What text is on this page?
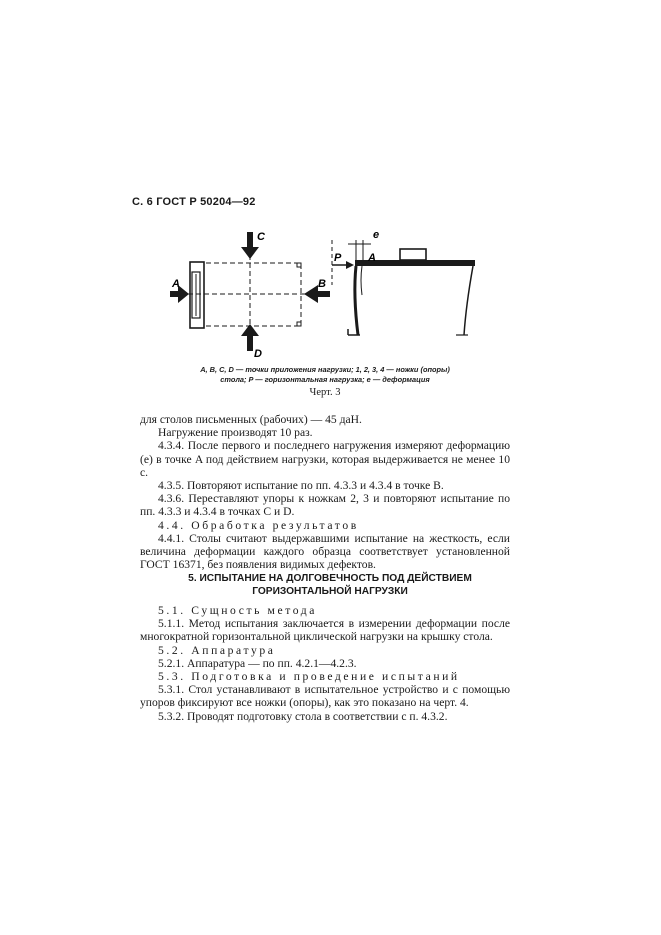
С. 6 ГОСТ Р 50204—92
C
D
A	B
P A
e
A, B, C, D — точки приложения нагрузки; 1, 2, 3, 4 — ножки (опоры)
стола; P — горизонтальная нагрузка; e — деформация
Черт. 3

для столов письменных (рабочих) — 45 даН.

Нагружение производят 10 раз.

4.3.4. После первого и последнего нагружения измеряют деформацию (e) в точке A под действием нагрузки, которая выдерживается не менее 10 с.

4.3.5. Повторяют испытание по пп. 4.3.3 и 4.3.4 в точке B.

4.3.6. Переставляют упоры к ножкам 2, 3 и повторяют испытание по пп. 4.3.3 и 4.3.4 в точках C и D.

4.4. Обработка результатов

4.4.1. Столы считают выдержавшими испытание на жесткость, если величина деформации каждого образца соответствует установленной ГОСТ 16371, без появления видимых дефектов.

5. ИСПЫТАНИЕ НА ДОЛГОВЕЧНОСТЬ ПОД ДЕЙСТВИЕМ
ГОРИЗОНТАЛЬНОЙ НАГРУЗКИ

5.1. Сущность метода

5.1.1. Метод испытания заключается в измерении деформации после многократной горизонтальной циклической нагрузки на крышку стола.

5.2. Аппаратура

5.2.1. Аппаратура — по пп. 4.2.1—4.2.3.

5.3. Подготовка и проведение испытаний

5.3.1. Стол устанавливают в испытательное устройство и с помощью упоров фиксируют все ножки (опоры), как это показано на черт. 4.

5.3.2. Проводят подготовку стола в соответствии с п. 4.3.2.
